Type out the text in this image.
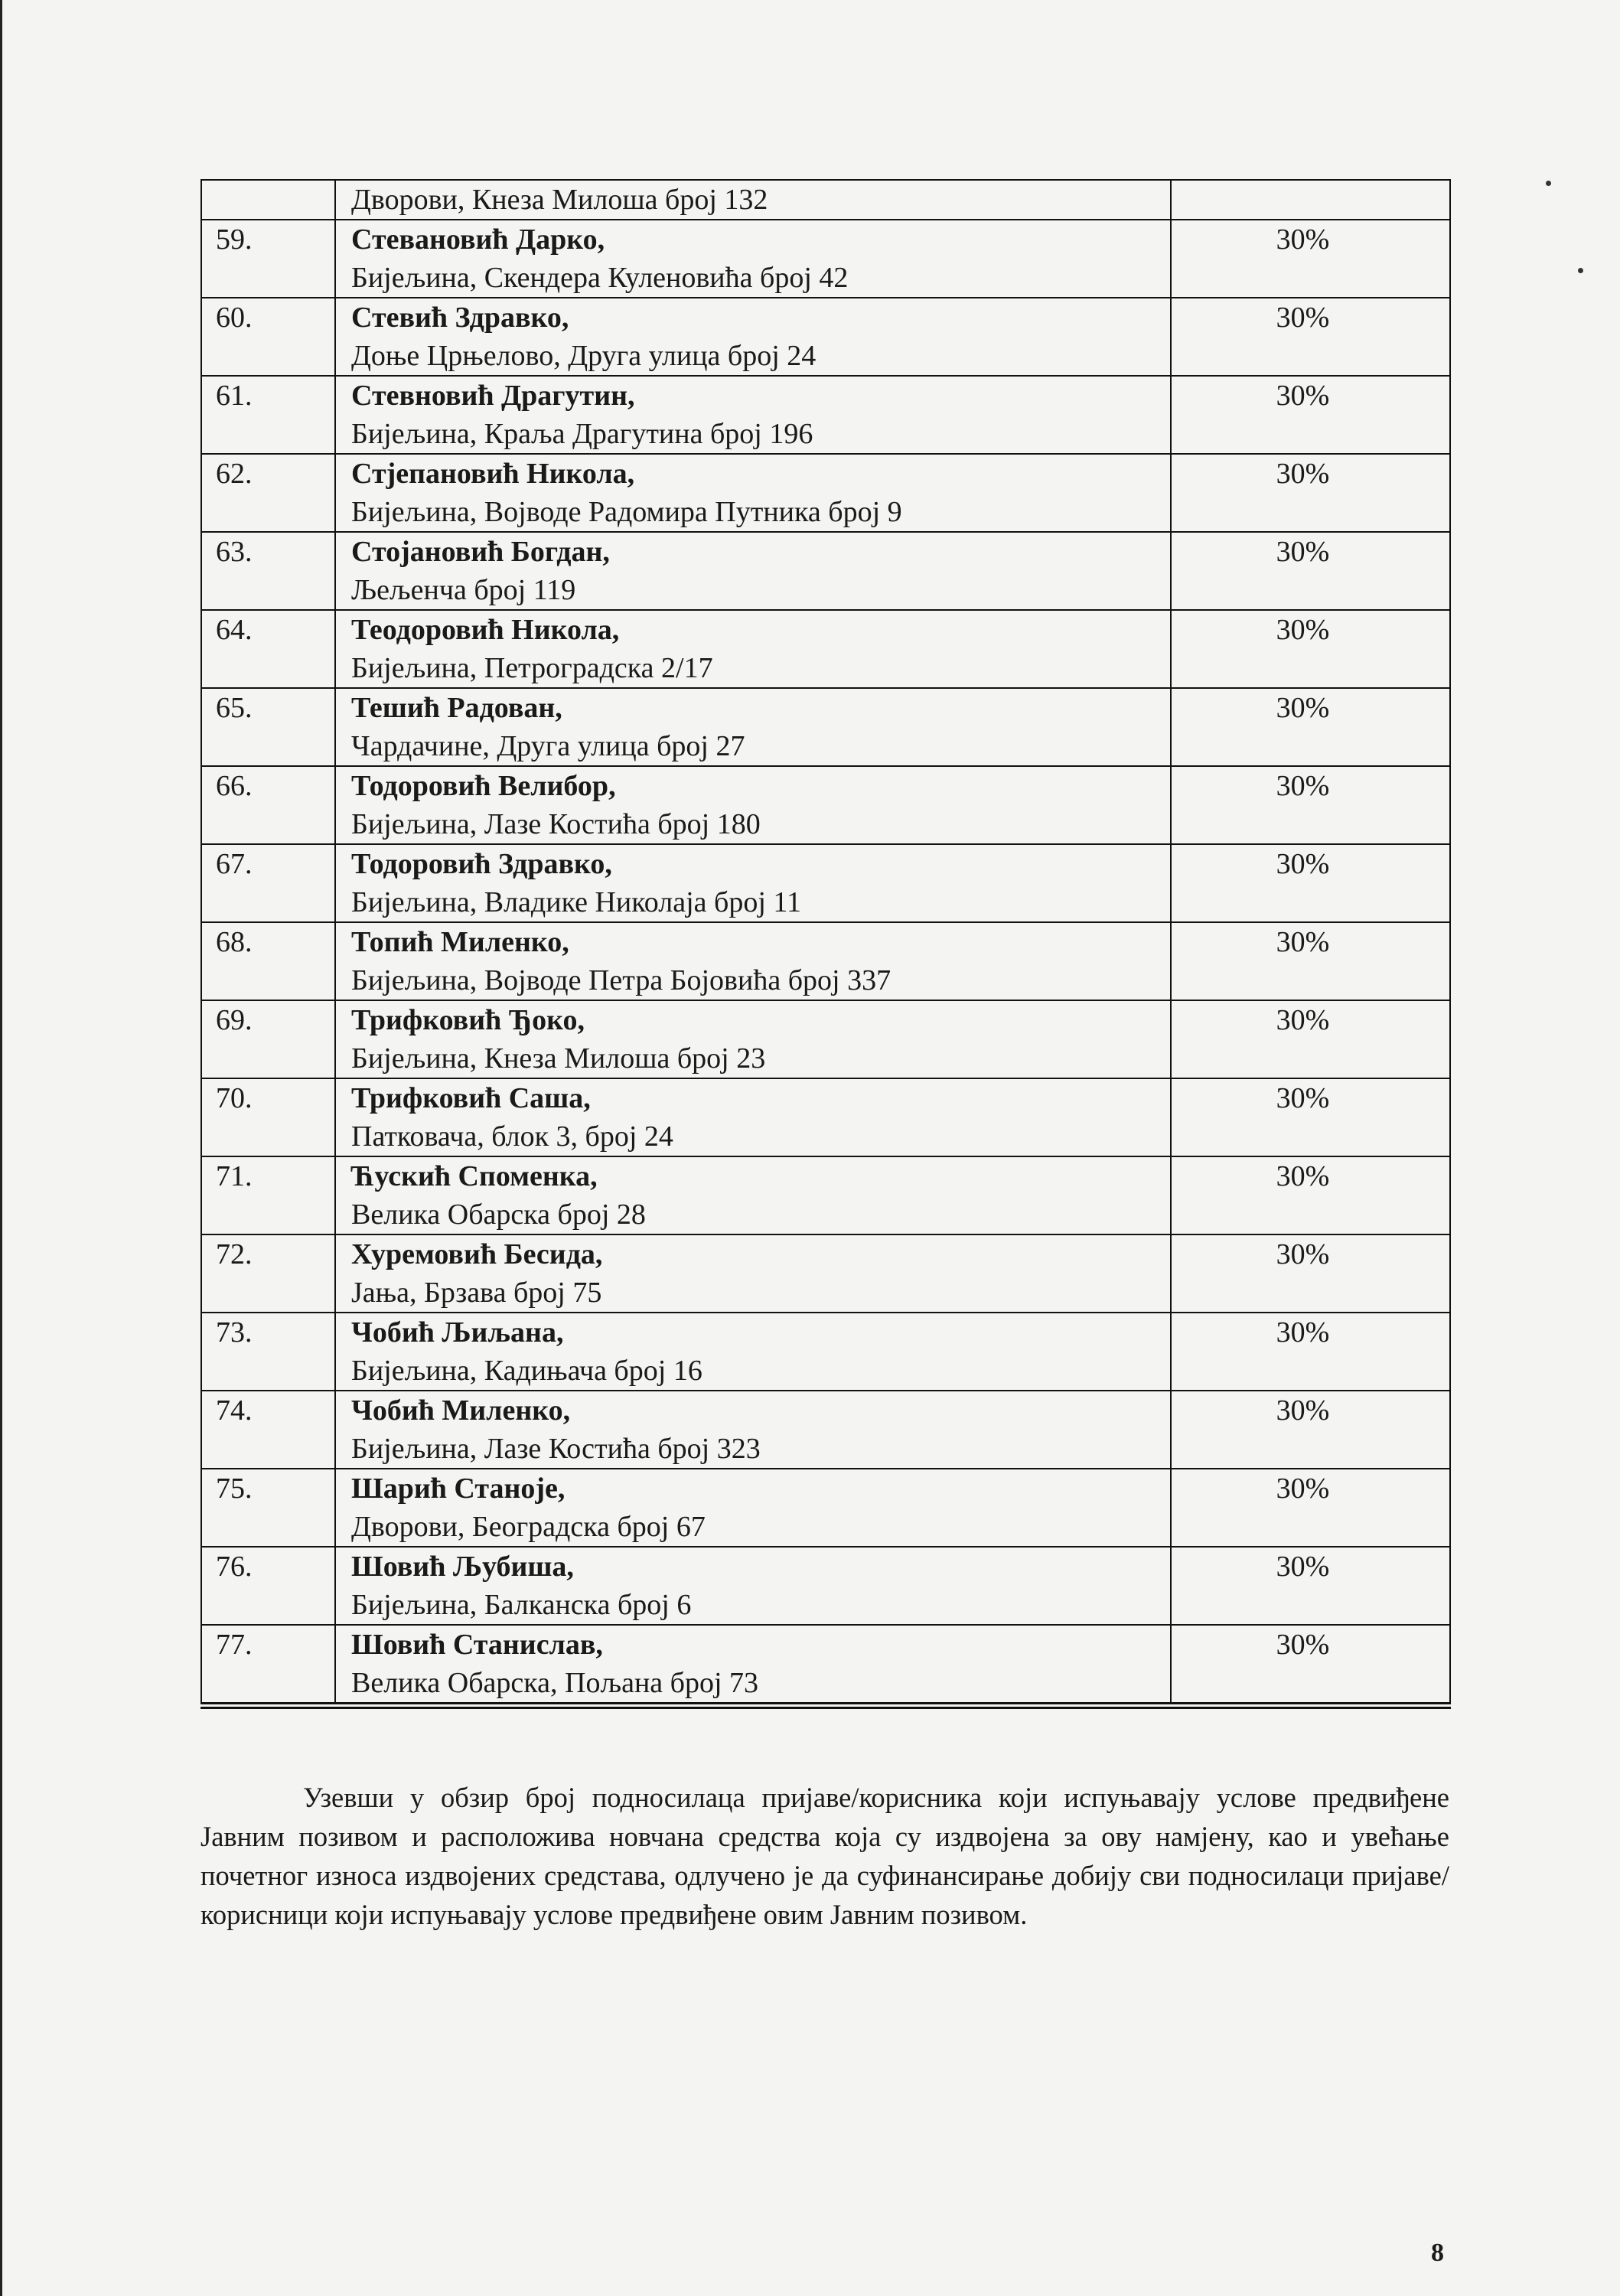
	Дворови, Кнеза Милоша број 132	

59.	Стевановић Дарко,
Бијељина, Скендера Куленовића број 42	30%
60.	Стевић Здравко,
Доње Црњелово, Друга улица број 24	30%
61.	Стевновић Драгутин,
Бијељина, Краља Драгутина број 196	30%
62.	Стјепановић Никола,
Бијељина, Војводе Радомира Путника број 9	30%
63.	Стојановић Богдан,
Љељенча број 119	30%
64.	Теодоровић Никола,
Бијељина, Петроградска 2/17	30%
65.	Тешић Радован,
Чардачине, Друга улица број 27	30%
66.	Тодоровић Велибор,
Бијељина, Лазе Костића број 180	30%
67.	Тодоровић Здравко,
Бијељина, Владике Николаја број 11	30%
68.	Топић Миленко,
Бијељина, Војводе Петра Бојовића број 337	30%
69.	Трифковић Ђоко,
Бијељина, Кнеза Милоша број 23	30%
70.	Трифковић Саша,
Патковача, блок 3, број 24	30%
71.	Ћускић Споменка,
Велика Обарска број 28	30%
72.	Хуремовић Бесида,
Јања, Брзава број 75	30%
73.	Чобић Љиљана,
Бијељина, Кадињача број 16	30%
74.	Чобић Миленко,
Бијељина, Лазе Костића број 323	30%
75.	Шарић Станоје,
Дворови, Београдска број 67	30%
76.	Шовић Љубиша,
Бијељина, Балканска број 6	30%
77.	Шовић Станислав,
Велика Обарска, Пољана број 73	30%

Узевши у обзир број подносилаца пријаве/корисника који испуњавају услове предвиђене Јавним позивом и расположива новчана средства која су издвојена за ову намјену, као и увећање почетног износа издвојених средстава, одлучено је да суфинансирање добију сви подносилаци пријаве/корисници који испуњавају услове предвиђене овим Јавним позивом.

8
